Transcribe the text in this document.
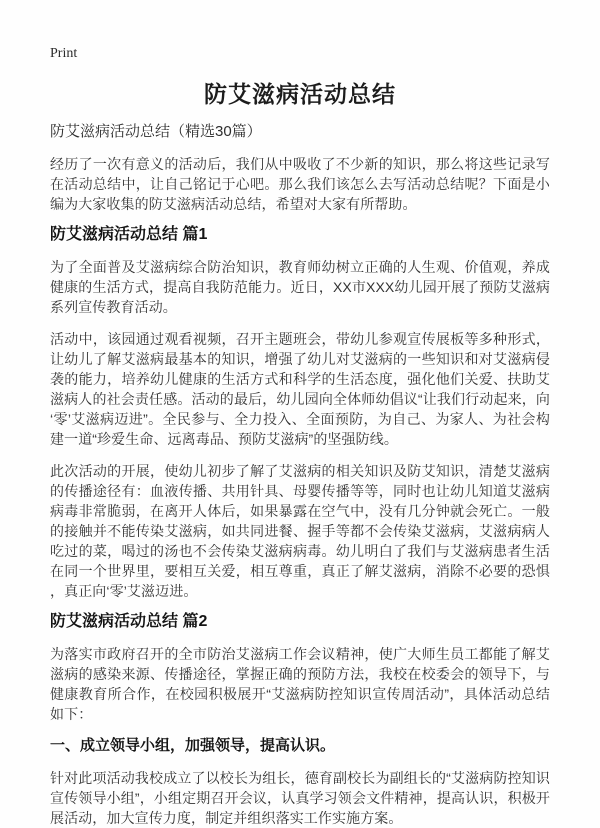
Print
防艾滋病活动总结
防艾滋病活动总结（精选30篇）

经历了一次有意义的活动后，我们从中吸收了不少新的知识，那么将这些记录写在活动总结中，让自己铭记于心吧。那么我们该怎么去写活动总结呢？下面是小编为大家收集的防艾滋病活动总结，希望对大家有所帮助。

防艾滋病活动总结 篇1

为了全面普及艾滋病综合防治知识，教育师幼树立正确的人生观、价值观，养成健康的生活方式，提高自我防范能力。近日，XX市XXX幼儿园开展了预防艾滋病系列宣传教育活动。

活动中，该园通过观看视频，召开主题班会，带幼儿参观宣传展板等多种形式，让幼儿了解艾滋病最基本的知识，增强了幼儿对艾滋病的一些知识和对艾滋病侵袭的能力，培养幼儿健康的生活方式和科学的生活态度，强化他们关爱、扶助艾滋病人的社会责任感。活动的最后，幼儿园向全体师幼倡议“让我们行动起来，向‘零’艾滋病迈进”。全民参与、全力投入、全面预防，为自己、为家人、为社会构建一道“珍爱生命、远离毒品、预防艾滋病”的坚强防线。

此次活动的开展，使幼儿初步了解了艾滋病的相关知识及防艾知识，清楚艾滋病的传播途径有：血液传播、共用针具、母婴传播等等，同时也让幼儿知道艾滋病病毒非常脆弱，在离开人体后，如果暴露在空气中，没有几分钟就会死亡。一般的接触并不能传染艾滋病，如共同进餐、握手等都不会传染艾滋病，艾滋病病人吃过的菜，喝过的汤也不会传染艾滋病病毒。幼儿明白了我们与艾滋病患者生活在同一个世界里，要相互关爱，相互尊重，真正了解艾滋病，消除不必要的恐惧，真正向‘零’艾滋迈进。

防艾滋病活动总结 篇2

为落实市政府召开的全市防治艾滋病工作会议精神，使广大师生员工都能了解艾滋病的感染来源、传播途径，掌握正确的预防方法，我校在校委会的领导下，与健康教育所合作，在校园积极展开“艾滋病防控知识宣传周活动”，具体活动总结如下：

一、成立领导小组，加强领导，提高认识。

针对此项活动我校成立了以校长为组长，德育副校长为副组长的“艾滋病防控知识宣传领导小组”，小组定期召开会议，认真学习领会文件精神，提高认识，积极开展活动，加大宣传力度，制定并组织落实工作实施方案。
